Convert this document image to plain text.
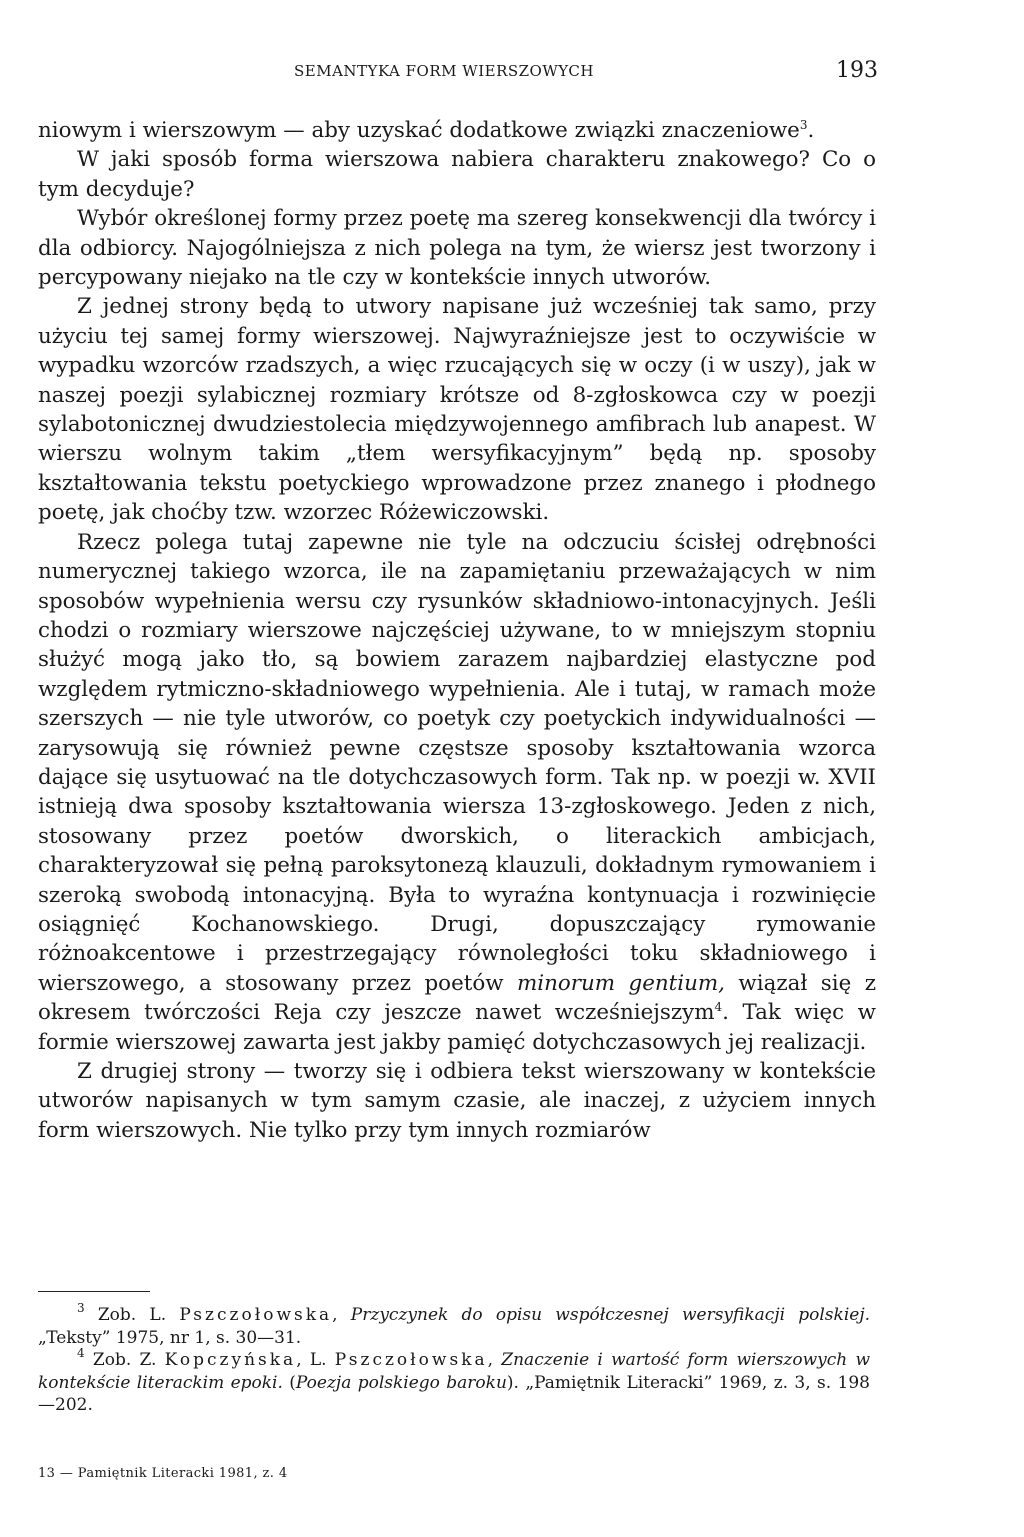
SEMANTYKA FORM WIERSZOWYCH	193

niowym i wierszowym — aby uzyskać dodatkowe związki znaczeniowe$^3$.

W jaki sposób forma wierszowa nabiera charakteru znakowego? Co o tym decyduje?

Wybór określonej formy przez poetę ma szereg konsekwencji dla twórcy i dla odbiorcy. Najogólniejsza z nich polega na tym, że wiersz jest tworzony i percypowany niejako na tle czy w kontekście innych utworów.

Z jednej strony będą to utwory napisane już wcześniej tak samo, przy użyciu tej samej formy wierszowej. Najwyraźniejsze jest to oczywiście w wypadku wzorców rzadszych, a więc rzucających się w oczy (i w uszy), jak w naszej poezji sylabicznej rozmiary krótsze od 8-zgłoskowca czy w poezji sylabotonicznej dwudziestolecia międzywojennego amfibrach lub anapest. W wierszu wolnym takim „tłem wersyfikacyjnym” będą np. sposoby kształtowania tekstu poetyckiego wprowadzone przez znanego i płodnego poetę, jak choćby tzw. wzorzec Różewiczowski.

Rzecz polega tutaj zapewne nie tyle na odczuciu ścisłej odrębności numerycznej takiego wzorca, ile na zapamiętaniu przeważających w nim sposobów wypełnienia wersu czy rysunków składniowo-intonacyjnych. Jeśli chodzi o rozmiary wierszowe najczęściej używane, to w mniejszym stopniu służyć mogą jako tło, są bowiem zarazem najbardziej elastyczne pod względem rytmiczno-składniowego wypełnienia. Ale i tutaj, w ramach może szerszych — nie tyle utworów, co poetyk czy poetyckich indywidualności — zarysowują się również pewne częstsze sposoby kształtowania wzorca dające się usytuować na tle dotychczasowych form. Tak np. w poezji w. XVII istnieją dwa sposoby kształtowania wiersza 13-zgłoskowego. Jeden z nich, stosowany przez poetów dworskich, o literackich ambicjach, charakteryzował się pełną paroksytonezą klauzuli, dokładnym rymowaniem i szeroką swobodą intonacyjną. Była to wyraźna kontynuacja i rozwinięcie osiągnięć Kochanowskiego. Drugi, dopuszczający rymowanie różnoakcentowe i przestrzegający równoległości toku składniowego i wierszowego, a stosowany przez poetów minorum gentium, wiązał się z okresem twórczości Reja czy jeszcze nawet wcześniejszym$^4$. Tak więc w formie wierszowej zawarta jest jakby pamięć dotychczasowych jej realizacji.

Z drugiej strony — tworzy się i odbiera tekst wierszowany w kontekście utworów napisanych w tym samym czasie, ale inaczej, z użyciem innych form wierszowych. Nie tylko przy tym innych rozmiarów

$^3$ Zob. L. Pszczołowska, Przyczynek do opisu współczesnej wersyfikacji polskiej. „Teksty” 1975, nr 1, s. 30—31.

$^4$ Zob. Z. Kopczyńska, L. Pszczołowska, Znaczenie i wartość form wierszowych w kontekście literackim epoki. (Poezja polskiego baroku). „Pamiętnik Literacki” 1969, z. 3, s. 198—202.

13 — Pamiętnik Literacki 1981, z. 4
